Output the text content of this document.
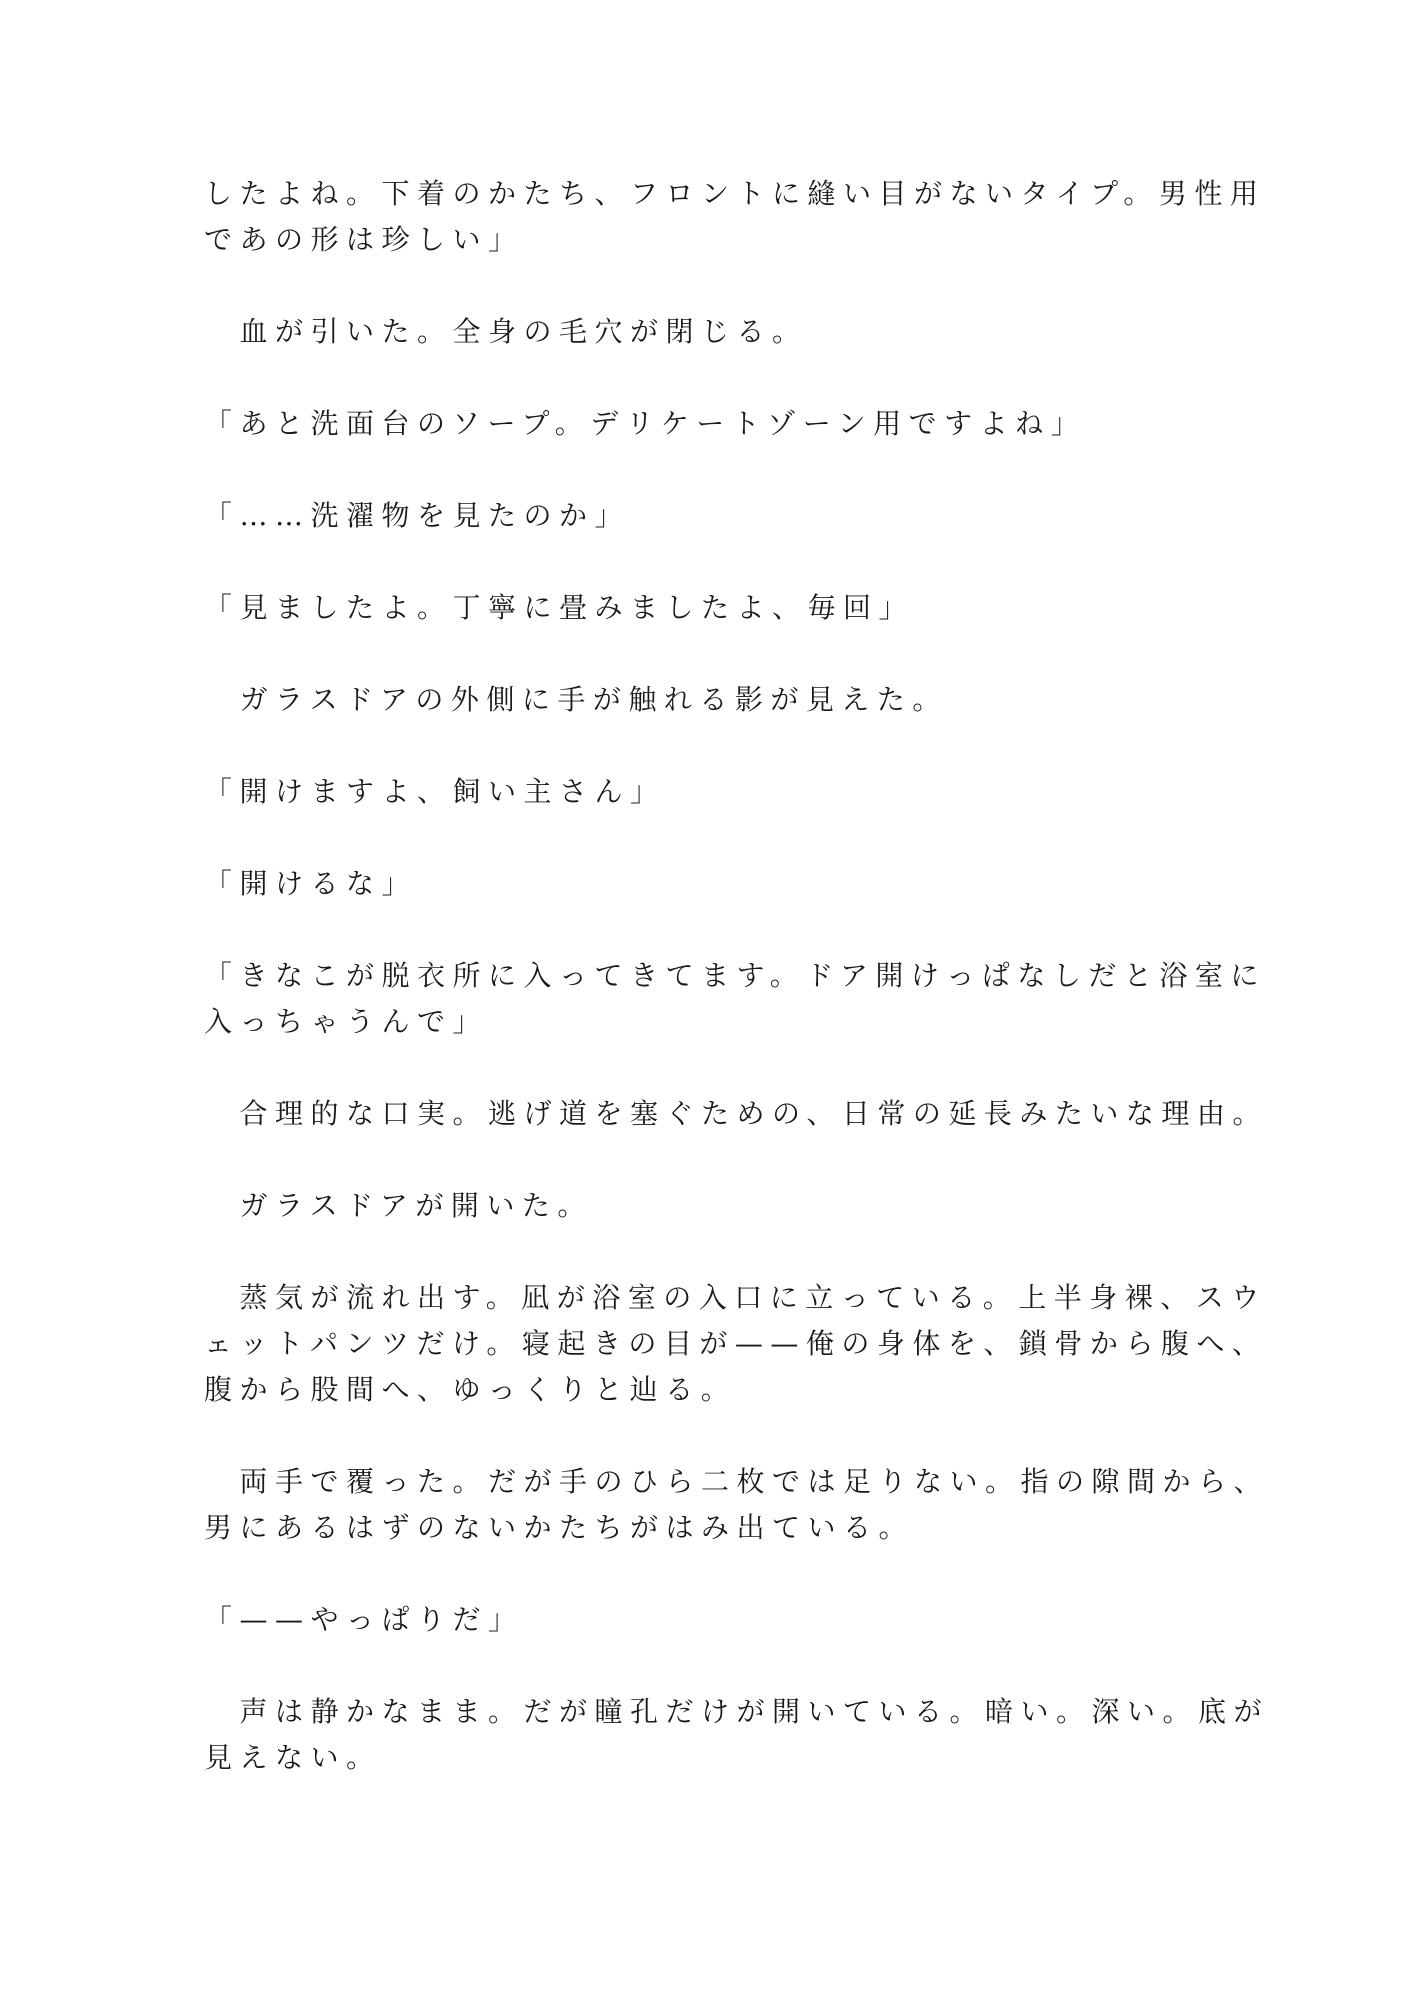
したよね。下着のかたち、フロントに縫い目がないタイプ。男性用
であの形は珍しい」

　血が引いた。全身の毛穴が閉じる。

「あと洗面台のソープ。デリケートゾーン用ですよね」

「……洗濯物を見たのか」

「見ましたよ。丁寧に畳みましたよ、毎回」

　ガラスドアの外側に手が触れる影が見えた。

「開けますよ、飼い主さん」

「開けるな」

「きなこが脱衣所に入ってきてます。ドア開けっぱなしだと浴室に
入っちゃうんで」

　合理的な口実。逃げ道を塞ぐための、日常の延長みたいな理由。

　ガラスドアが開いた。

　蒸気が流れ出す。凪が浴室の入口に立っている。上半身裸、スウ
ェットパンツだけ。寝起きの目が——俺の身体を、鎖骨から腹へ、
腹から股間へ、ゆっくりと辿る。

　両手で覆った。だが手のひら二枚では足りない。指の隙間から、
男にあるはずのないかたちがはみ出ている。

「——やっぱりだ」

　声は静かなまま。だが瞳孔だけが開いている。暗い。深い。底が
見えない。
